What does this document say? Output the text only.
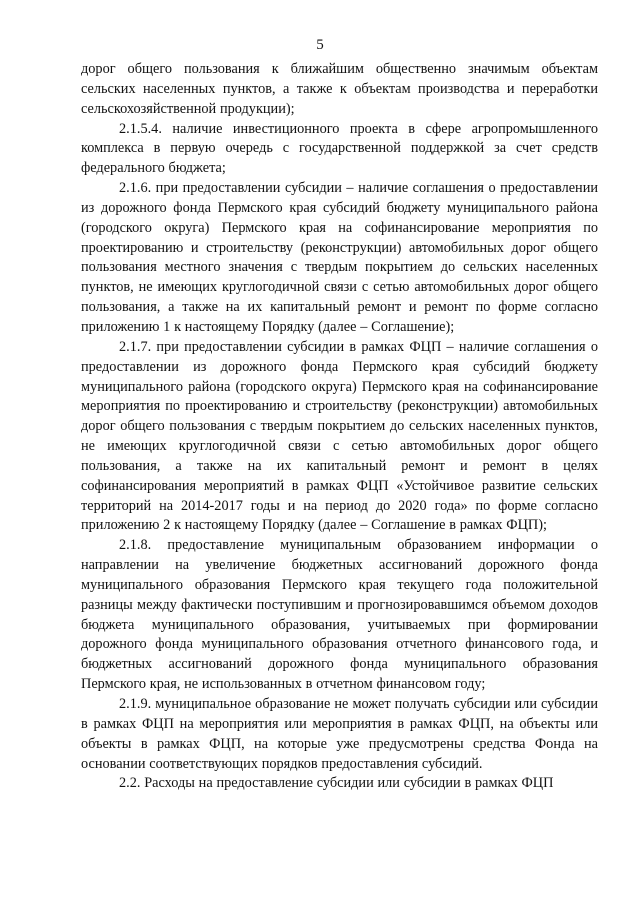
5

дорог общего пользования к ближайшим общественно значимым объектам сельских населенных пунктов, а также к объектам производства и переработки сельскохозяйственной продукции);

2.1.5.4. наличие инвестиционного проекта в сфере агропромышленного комплекса в первую очередь с государственной поддержкой за счет средств федерального бюджета;

2.1.6. при предоставлении субсидии – наличие соглашения о предоставлении из дорожного фонда Пермского края субсидий бюджету муниципального района (городского округа) Пермского края на софинансирование мероприятия по проектированию и строительству (реконструкции) автомобильных дорог общего пользования местного значения с твердым покрытием до сельских населенных пунктов, не имеющих круглогодичной связи с сетью автомобильных дорог общего пользования, а также на их капитальный ремонт и ремонт по форме согласно приложению 1 к настоящему Порядку (далее – Соглашение);

2.1.7. при предоставлении субсидии в рамках ФЦП – наличие соглашения о предоставлении из дорожного фонда Пермского края субсидий бюджету муниципального района (городского округа) Пермского края на софинансирование мероприятия по проектированию и строительству (реконструкции) автомобильных дорог общего пользования с твердым покрытием до сельских населенных пунктов, не имеющих круглогодичной связи с сетью автомобильных дорог общего пользования, а также на их капитальный ремонт и ремонт в целях софинансирования мероприятий в рамках ФЦП «Устойчивое развитие сельских территорий на 2014-2017 годы и на период до 2020 года» по форме согласно приложению 2 к настоящему Порядку (далее – Соглашение в рамках ФЦП);

2.1.8. предоставление муниципальным образованием информации о направлении на увеличение бюджетных ассигнований дорожного фонда муниципального образования Пермского края текущего года положительной разницы между фактически поступившим и прогнозировавшимся объемом доходов бюджета муниципального образования, учитываемых при формировании дорожного фонда муниципального образования отчетного финансового года, и бюджетных ассигнований дорожного фонда муниципального образования Пермского края, не использованных в отчетном финансовом году;

2.1.9. муниципальное образование не может получать субсидии или субсидии в рамках ФЦП на мероприятия или мероприятия в рамках ФЦП, на объекты или объекты в рамках ФЦП, на которые уже предусмотрены средства Фонда на основании соответствующих порядков предоставления субсидий.

2.2. Расходы на предоставление субсидии или субсидии в рамках ФЦП
